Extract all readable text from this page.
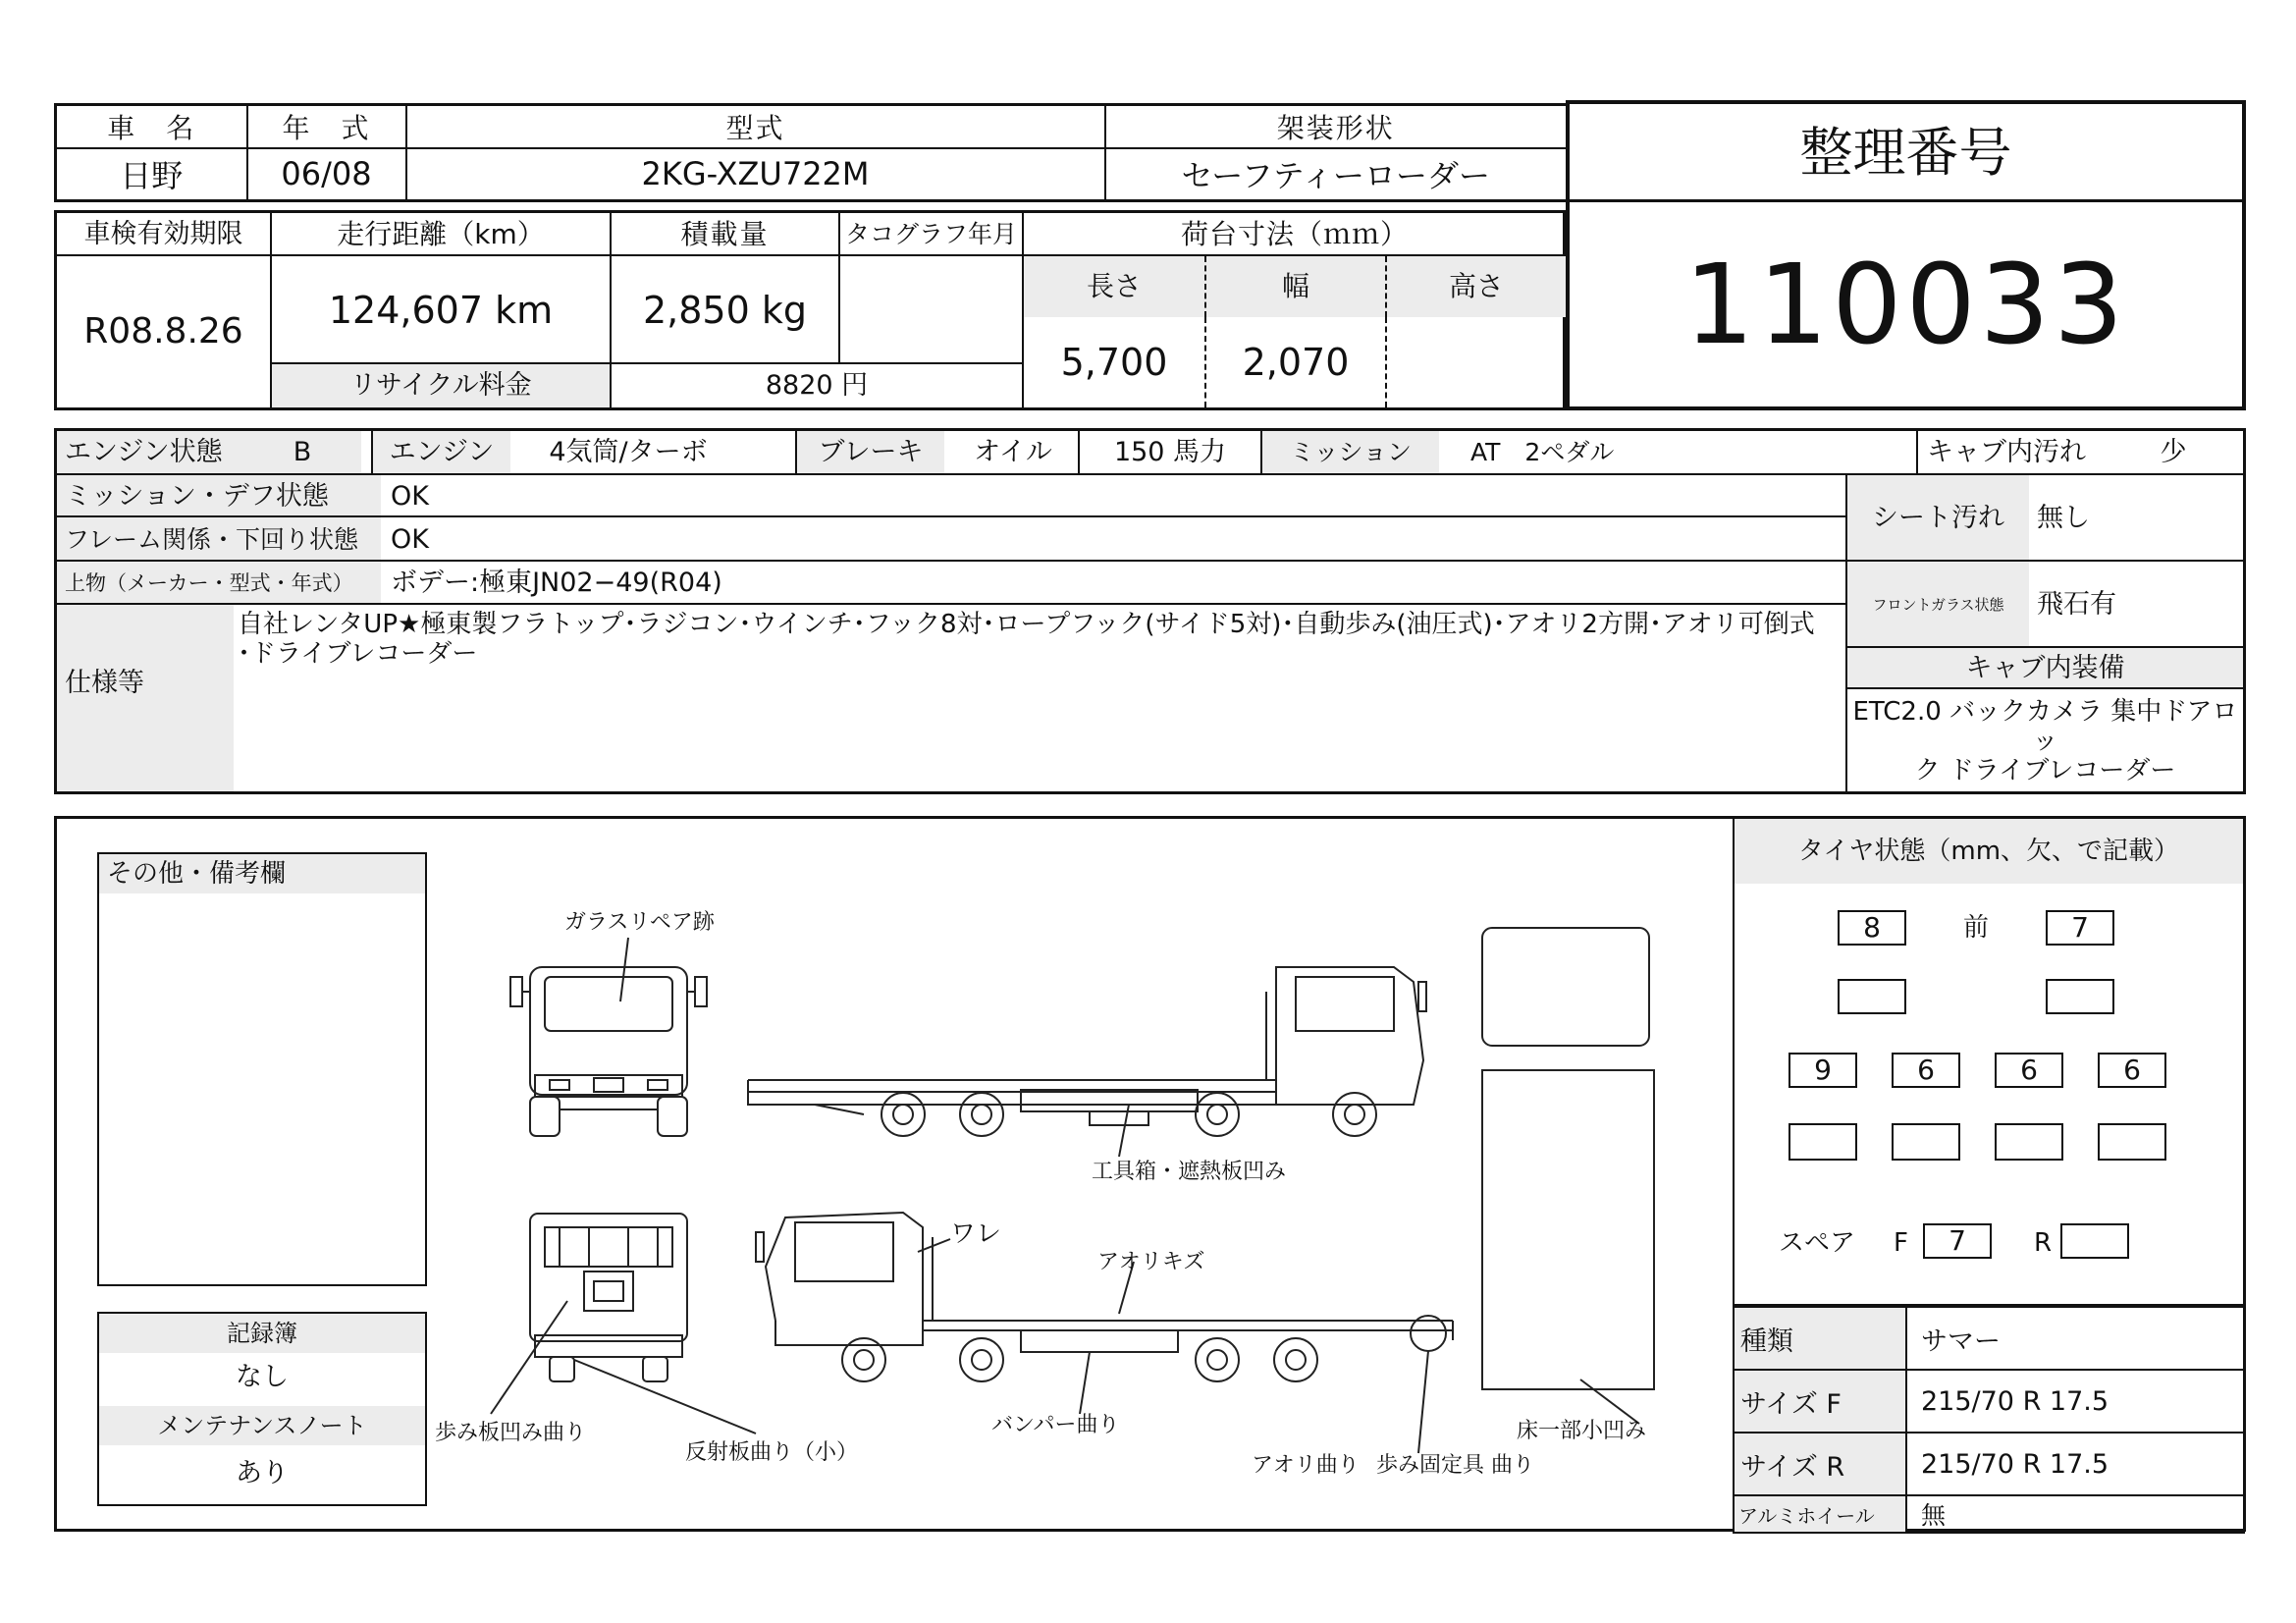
車　名	年　式	型式	架装形状
日野	06/08	2KG-XZU722M	セーフティーローダー	整理番号
110033
車検有効期限
R08.8.26
走行距離（km）
124,607 km
積載量
2,850 kg
タコグラフ年月
リサイクル料金	8820 円
荷台寸法（ｍｍ）
長さ	幅	高さ
5,700	2,070
エンジン状態	B	エンジン	4気筒/ターボ	ブレーキ	オイル	150 馬力	ミッション	AT　2ペダル	キャブ内汚れ	少
ミッション・デフ状態	OK
フレーム関係・下回り状態	OK
上物（メーカー・型式・年式）	ボデー:極東JN02−49(R04)
仕様等
自社レンタUP★極東製フラトップ･ラジコン･ウインチ･フック8対･ロープフック(サイド5対)･自動歩み(油圧式)･アオリ2方開･アオリ可倒式
･ドライブレコーダー
シート汚れ	無し
フロントガラス状態	飛石有
キャブ内装備
ETC2.0 バックカメラ 集中ドアロッ
ク ドライブレコーダー
その他・備考欄
記録簿
なし
メンテナンスノート
あり
ガラスリペア跡
工具箱・遮熱板凹み
ワレ
アオリキズ
歩み板凹み曲り
反射板曲り（小）
バンパー曲り
アオリ曲り 歩み固定具 曲り
床一部小凹み
タイヤ状態（mm、欠、で記載）
8	前	7
9	6	6	6
スペア F	7	R
種類	サマー
サイズ F	215/70 R 17.5
サイズ R	215/70 R 17.5
アルミホイール	無
